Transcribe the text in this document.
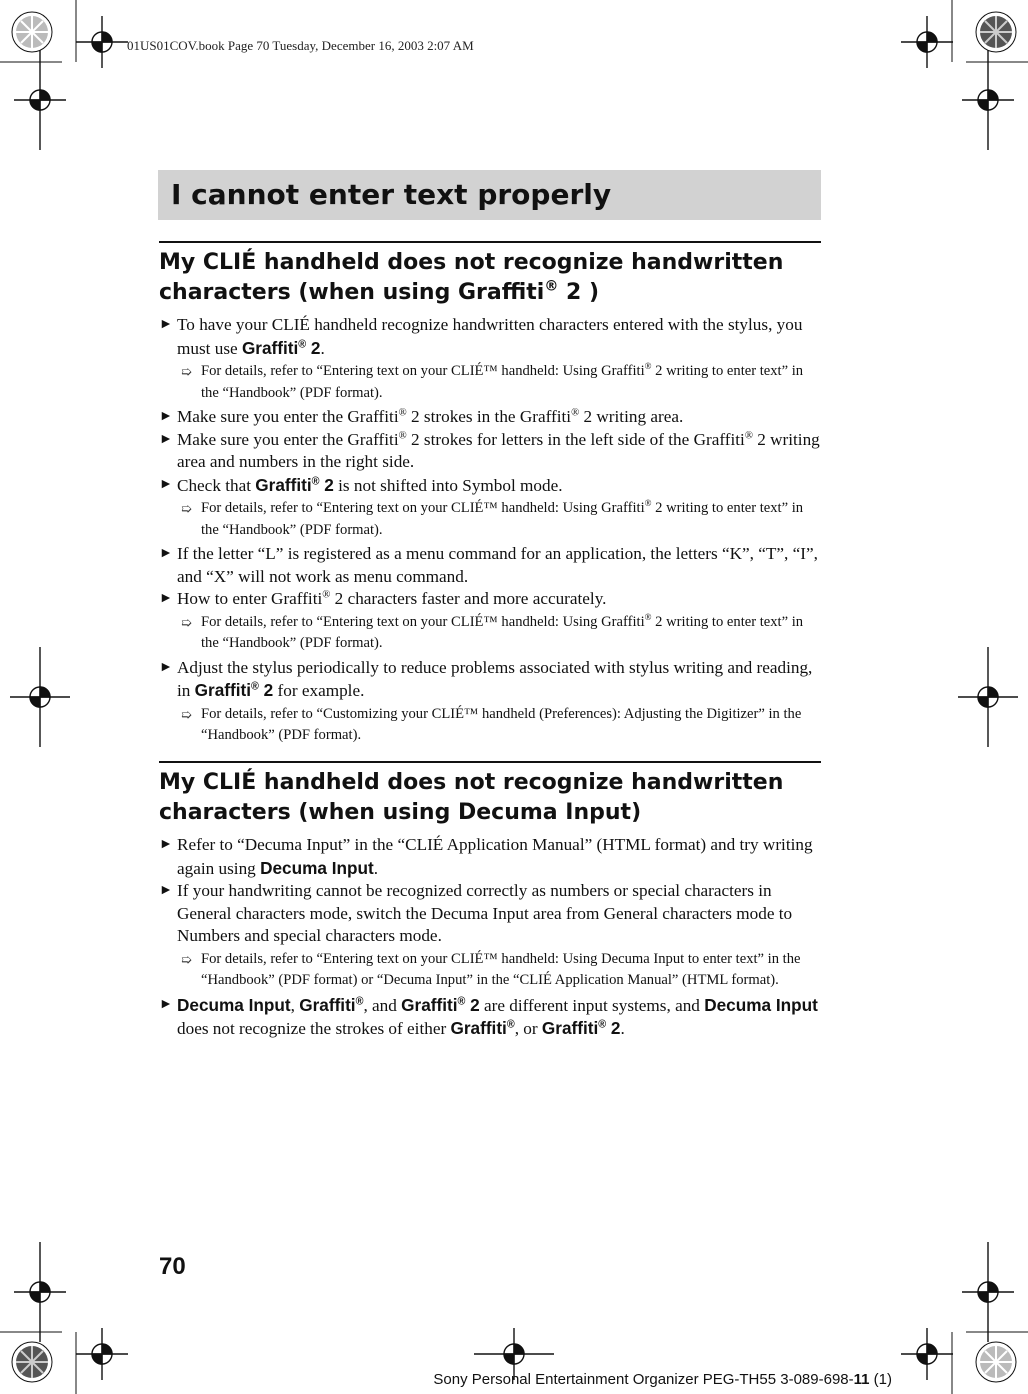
01US01COV.book Page 70 Tuesday, December 16, 2003 2:07 AM
I cannot enter text properly
My CLIÉ handheld does not recognize handwritten characters (when using Graffiti® 2 )
► To have your CLIÉ handheld recognize handwritten characters entered with the stylus, you must use Graffiti® 2.
➯ For details, refer to “Entering text on your CLIÉ™ handheld: Using Graffiti® 2 writing to enter text” in the “Handbook” (PDF format).
► Make sure you enter the Graffiti® 2 strokes in the Graffiti® 2 writing area.
► Make sure you enter the Graffiti® 2 strokes for letters in the left side of the Graffiti® 2 writing area and numbers in the right side.
► Check that Graffiti® 2 is not shifted into Symbol mode.
➯ For details, refer to “Entering text on your CLIÉ™ handheld: Using Graffiti® 2 writing to enter text” in the “Handbook” (PDF format).
► If the letter “L” is registered as a menu command for an application, the letters “K”, “T”, “I”, and “X” will not work as menu command.
► How to enter Graffiti® 2 characters faster and more accurately.
➯ For details, refer to “Entering text on your CLIÉ™ handheld: Using Graffiti® 2 writing to enter text” in the “Handbook” (PDF format).
► Adjust the stylus periodically to reduce problems associated with stylus writing and reading, in Graffiti® 2 for example.
➯ For details, refer to “Customizing your CLIÉ™ handheld (Preferences): Adjusting the Digitizer” in the “Handbook” (PDF format).
My CLIÉ handheld does not recognize handwritten characters (when using Decuma Input)
► Refer to “Decuma Input” in the “CLIÉ Application Manual” (HTML format) and try writing again using Decuma Input.
► If your handwriting cannot be recognized correctly as numbers or special characters in General characters mode, switch the Decuma Input area from General characters mode to Numbers and special characters mode.
➯ For details, refer to “Entering text on your CLIÉ™ handheld: Using Decuma Input to enter text” in the “Handbook” (PDF format) or “Decuma Input” in the “CLIÉ Application Manual” (HTML format).
► Decuma Input, Graffiti®, and Graffiti® 2 are different input systems, and Decuma Input does not recognize the strokes of either Graffiti®, or Graffiti® 2.
70
Sony Personal Entertainment Organizer PEG-TH55 3-089-698-11 (1)
